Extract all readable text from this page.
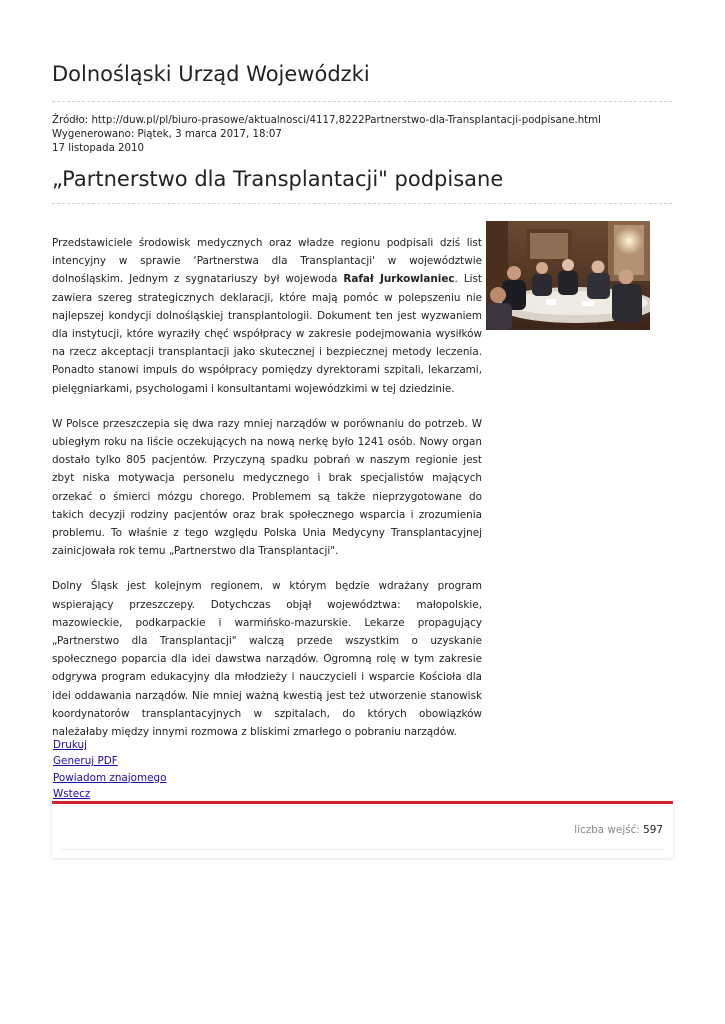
Dolnośląski Urząd Wojewódzki
Źródło: http://duw.pl/pl/biuro-prasowe/aktualnosci/4117,8222Partnerstwo-dla-Transplantacji-podpisane.html
Wygenerowano: Piątek, 3 marca 2017, 18:07
17 listopada 2010
„Partnerstwo dla Transplantacji" podpisane

Przedstawiciele środowisk medycznych oraz władze regionu podpisali dziś list intencyjny w sprawie ‘Partnerstwa dla Transplantacji' w województwie dolnośląskim. Jednym z sygnatariuszy był wojewoda Rafał Jurkowlaniec. List zawiera szereg strategicznych deklaracji, które mają pomóc w polepszeniu nie najlepszej kondycji dolnośląskiej transplantologii. Dokument ten jest wyzwaniem dla instytucji, które wyraziły chęć współpracy w zakresie podejmowania wysiłków na rzecz akceptacji transplantacji jako skutecznej i bezpiecznej metody leczenia. Ponadto stanowi impuls do współpracy pomiędzy dyrektorami szpitali, lekarzami, pielęgniarkami, psychologami i konsultantami wojewódzkimi w tej dziedzinie.

W Polsce przeszczepia się dwa razy mniej narządów w porównaniu do potrzeb. W ubiegłym roku na liście oczekujących na nową nerkę było 1241 osób. Nowy organ dostało tylko 805 pacjentów. Przyczyną spadku pobrań w naszym regionie jest zbyt niska motywacja personelu medycznego i brak specjalistów mających orzekać o śmierci mózgu chorego. Problemem są także nieprzygotowane do takich decyzji rodziny pacjentów oraz brak społecznego wsparcia i zrozumienia problemu. To właśnie z tego względu Polska Unia Medycyny Transplantacyjnej zainicjowała rok temu „Partnerstwo dla Transplantacji".

Dolny Śląsk jest kolejnym regionem, w którym będzie wdrażany program wspierający przeszczepy. Dotychczas objął województwa: małopolskie, mazowieckie, podkarpackie i warmińsko-mazurskie. Lekarze propagujący „Partnerstwo dla Transplantacji" walczą przede wszystkim o uzyskanie społecznego poparcia dla idei dawstwa narządów. Ogromną rolę w tym zakresie odgrywa program edukacyjny dla młodzieży i nauczycieli i wsparcie Kościoła dla idei oddawania narządów. Nie mniej ważną kwestią jest też utworzenie stanowisk koordynatorów transplantacyjnych w szpitalach, do których obowiązków należałaby między innymi rozmowa z bliskimi zmarłego o pobraniu narządów.

Drukuj
Generuj PDF
Powiadom znajomego
Wstecz
liczba wejść: 597
